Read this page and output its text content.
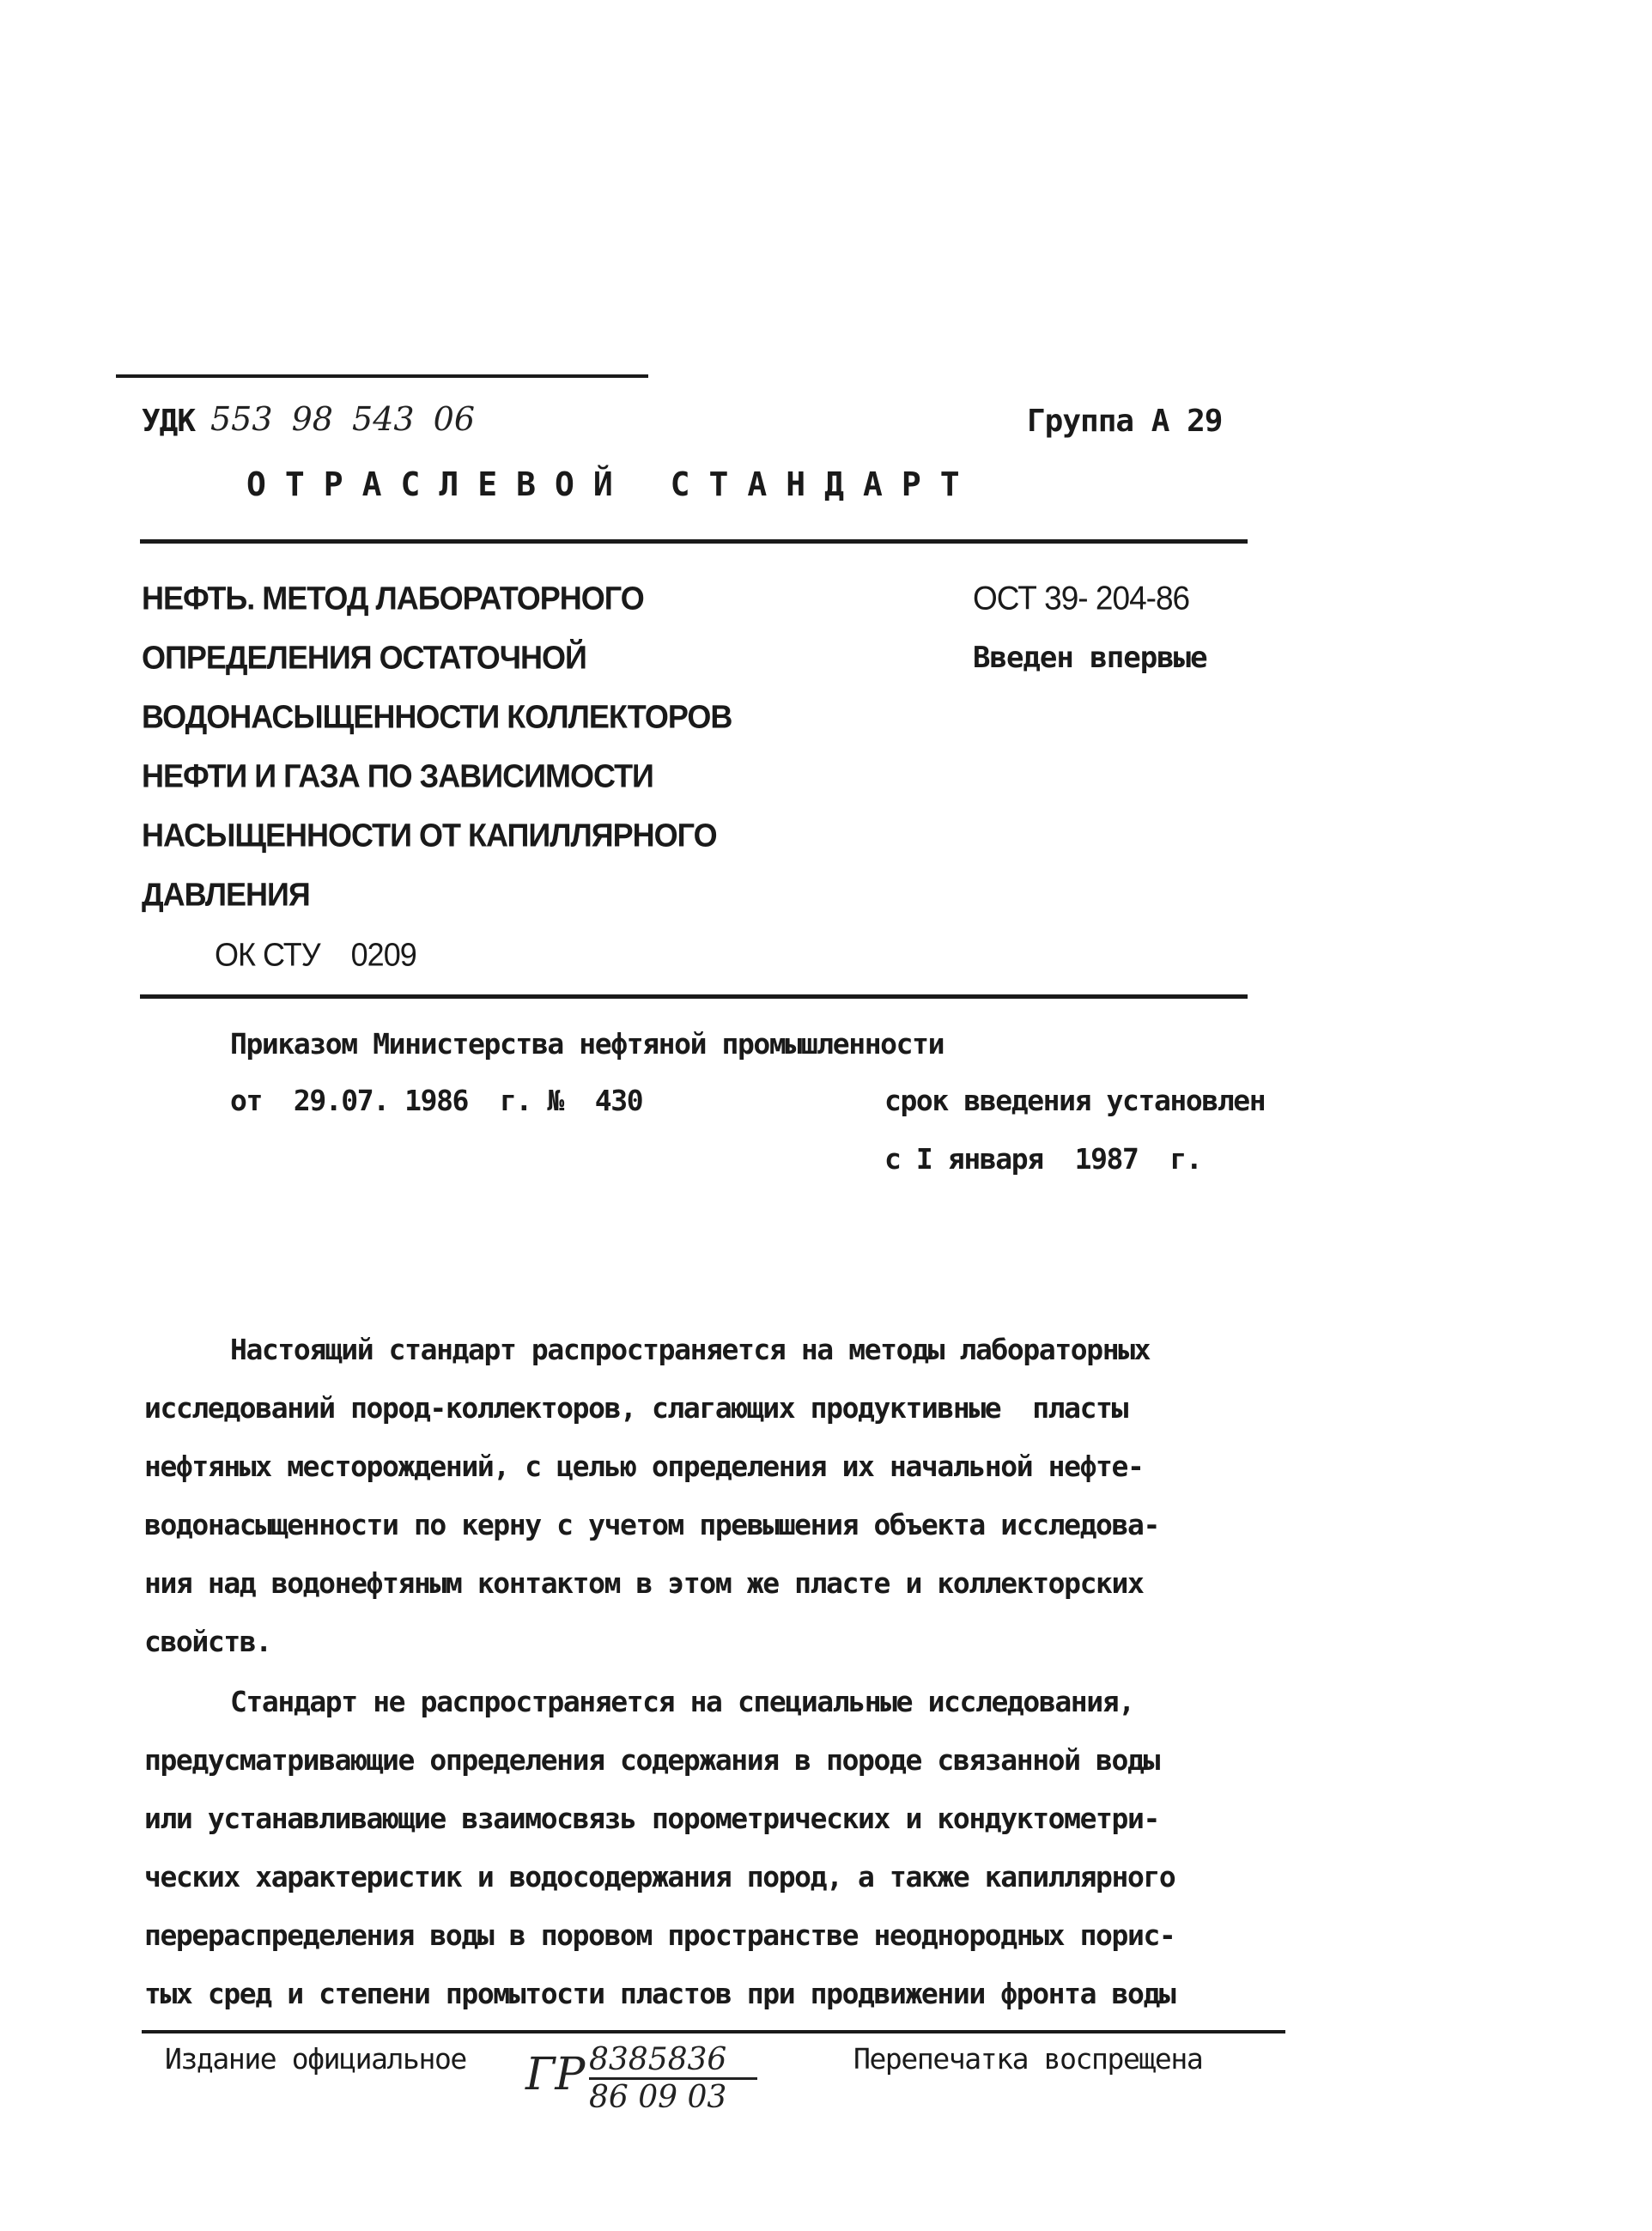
УДК 553 98 543 06	Группа А 29
ОТРАСЛЕВОЙ СТАНДАРТ
НЕФТЬ. МЕТОД ЛАБОРАТОРНОГО
ОПРЕДЕЛЕНИЯ ОСТАТОЧНОЙ
ВОДОНАСЫЩЕННОСТИ КОЛЛЕКТОРОВ
НЕФТИ И ГАЗА ПО ЗАВИСИМОСТИ
НАСЫЩЕННОСТИ ОТ КАПИЛЛЯРНОГО
ДАВЛЕНИЯ
ОК СТУ    0209
ОСТ 39- 204-86
Введен впервые
Приказом Министерства нефтяной промышленности
от  29.07. 1986  г. №  430	срок введения установлен
с I января  1987  г.
Настоящий стандарт распространяется на методы лабораторных
исследований пород-коллекторов, слагающих продуктивные  пласты
нефтяных месторождений, с целью определения их начальной нефте-
водонасыщенности по керну с учетом превышения объекта исследова-
ния над водонефтяным контактом в этом же пласте и коллекторских
свойств.
Стандарт не распространяется на специальные исследования,
предусматривающие определения содержания в породе связанной воды
или устанавливающие взаимосвязь порометрических и кондуктометри-
ческих характеристик и водосодержания пород, а также капиллярного
перераспределения воды в поровом пространстве неоднородных порис-
тых сред и степени промытости пластов при продвижении фронта воды
Издание официальное ГР 8385836
86 09 03
Перепечатка воспрещена
